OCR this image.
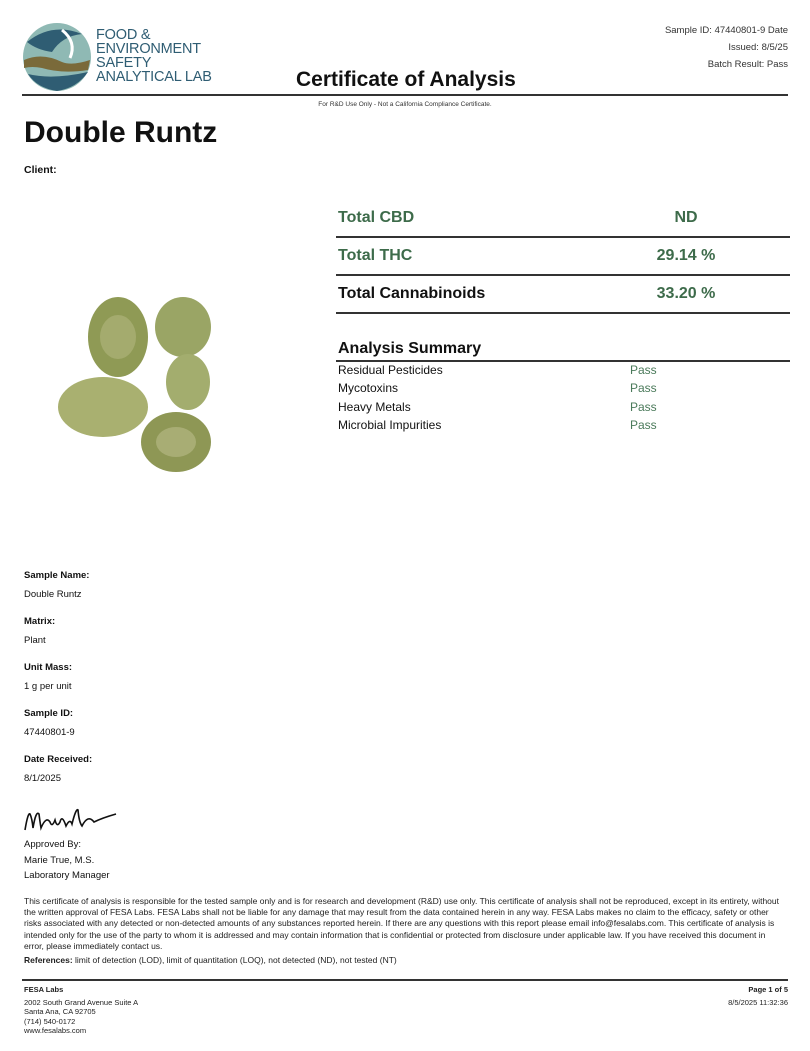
FOOD &
ENVIRONMENT
SAFETY
ANALYTICAL LAB	Certificate of Analysis
Sample ID: 47440801-9 Date
Issued: 8/5/25
Batch Result: Pass
For R&D Use Only - Not a California Compliance Certificate.
Double Runtz
Client:
Total CBD	ND
Total THC	29.14 %
Total Cannabinoids	33.20 %
Analysis Summary
Residual Pesticides	Pass
Mycotoxins	Pass
Heavy Metals	Pass
Microbial Impurities	Pass
Sample Name:
Double Runtz
Matrix:
Plant
Unit Mass:
1 g per unit
Sample ID:
47440801-9
Date Received:
8/1/2025
Approved By:
Marie True, M.S.
Laboratory Manager

This certificate of analysis is responsible for the tested sample only and is for research and development (R&D) use only. This certificate of analysis shall not be reproduced, except in its entirety, without the written approval of FESA Labs. FESA Labs shall not be liable for any damage that may result from the data contained herein in any way. FESA Labs makes no claim to the efficacy, safety or other risks associated with any detected or non-detected amounts of any substances reported herein. If there are any questions with this report please email info@fesalabs.com. This certificate of analysis is intended only for the use of the party to whom it is addressed and may contain information that is confidential or protected from disclosure under applicable law. If you have received this document in error, please immediately contact us.

References: limit of detection (LOD), limit of quantitation (LOQ), not detected (ND), not tested (NT)

FESA Labs
2002 South Grand Avenue Suite A
Santa Ana, CA 92705
(714) 540-0172
www.fesalabs.com
Page 1 of 5
8/5/2025 11:32:36
